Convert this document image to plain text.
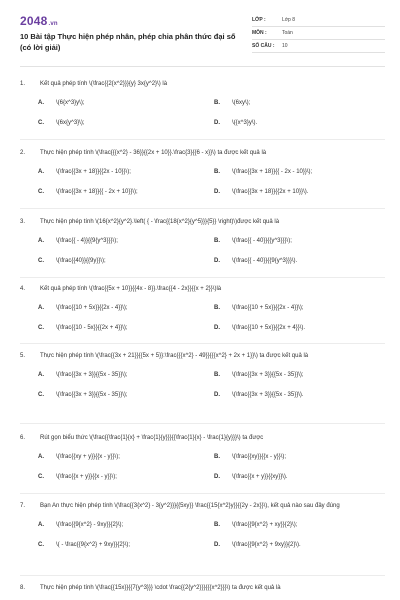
2048.vn
10 Bài tập Thực hiện phép nhân, phép chia phân thức đại số (có lời giải)
LỚP :	Lớp 8
MÔN :	Toán
SỐ CÂU :	10
1. Kết quả phép tính \(\frac{{2{x^2}}}{y} 3x{y^2}\) là
A. \(6{x^3}y\);	B. \(6xy\);
C. \(6x{y^3}\);	D. \({x^3}y\).
2. Thực hiện phép tính \(\frac{{{x^2} - 36}}{{2x + 10}}.\frac{3}{{6 - x}}\) ta được kết quả là
A. \(\frac{{3x + 18}}{{2x - 10}}\);	B. \(\frac{{3x + 18}}{{ - 2x - 10}}\);
C. \(\frac{{3x + 18}}{{ - 2x + 10}}\);	D. \(\frac{{3x + 18}}{{2x + 10}}\).
3. Thực hiện phép tính \(16{x^2}{y^2}.\left( { - \frac{{18{x^2}{y^5}}}{5}} \right)\)được kết quả là
A. \(\frac{{ - 4}}{{9{y^3}}}\);	B. \(\frac{{ - 40}}{{y^3}}}\);
C. \(\frac{{40}}{{9y}}\);	D. \(\frac{{ - 40}}{{9{y^3}}}\).
4. Kết quả phép tính \(\frac{{5x + 10}}{{4x - 8}}.\frac{{4 - 2x}}{{x + 2}}\)là
A. \(\frac{{10 + 5x}}{{2x - 4}}\);	B. \(\frac{{10 + 5x}}{{2x - 4}}\);
C. \(\frac{{10 - 5x}}{{2x + 4}}\);	D. \(\frac{{10 + 5x}}{{2x + 4}}\).
5. Thực hiện phép tính \(\frac{{3x + 21}}{{5x + 5}}:\frac{{{x^2} - 49}}{{{x^2} + 2x + 1}}\) ta được kết quả là
A. \(\frac{{3x + 3}}{{5x - 35}}\);	B. \(\frac{{3x + 3}}{{5x - 35}}\);
C. \(\frac{{3x + 3}}{{5x - 35}}\);	D. \(\frac{{3x + 3}}{{5x - 35}}\).
6. Rút gọn biểu thức \(\frac{{\frac{1}{x} + \frac{1}{y}}}{{\frac{1}{x} - \frac{1}{y}}}\) ta được
A. \(\frac{{xy + y}}{{x - y}}\);	B. \(\frac{{xy}}{{x - y}}\);
C. \(\frac{{x + y}}{{x - y}}\);	D. \(\frac{{x + y}}{{xy}}\).
7. Bạn An thực hiện phép tính \(\frac{{3{x^2} - 3{y^2}}}{{5xy}} \frac{{15{x^2}y}}{{2y - 2x}}\), kết quả nào sau đây đúng
A. \(\frac{{9{x^2} - 9xy}}{2}\);	B. \(\frac{{9{x^2} + xy}}{2}\);
C. \( - \frac{{9{x^2} + 9xy}}{2}\);	D. \(\frac{{9{x^2} + 9xy}}{2}\).
8. Thực hiện phép tính \(\frac{{15x}}{{7{y^3}}} \cdot \frac{{2{y^2}}}{{{x^2}}}\) ta được kết quả là
